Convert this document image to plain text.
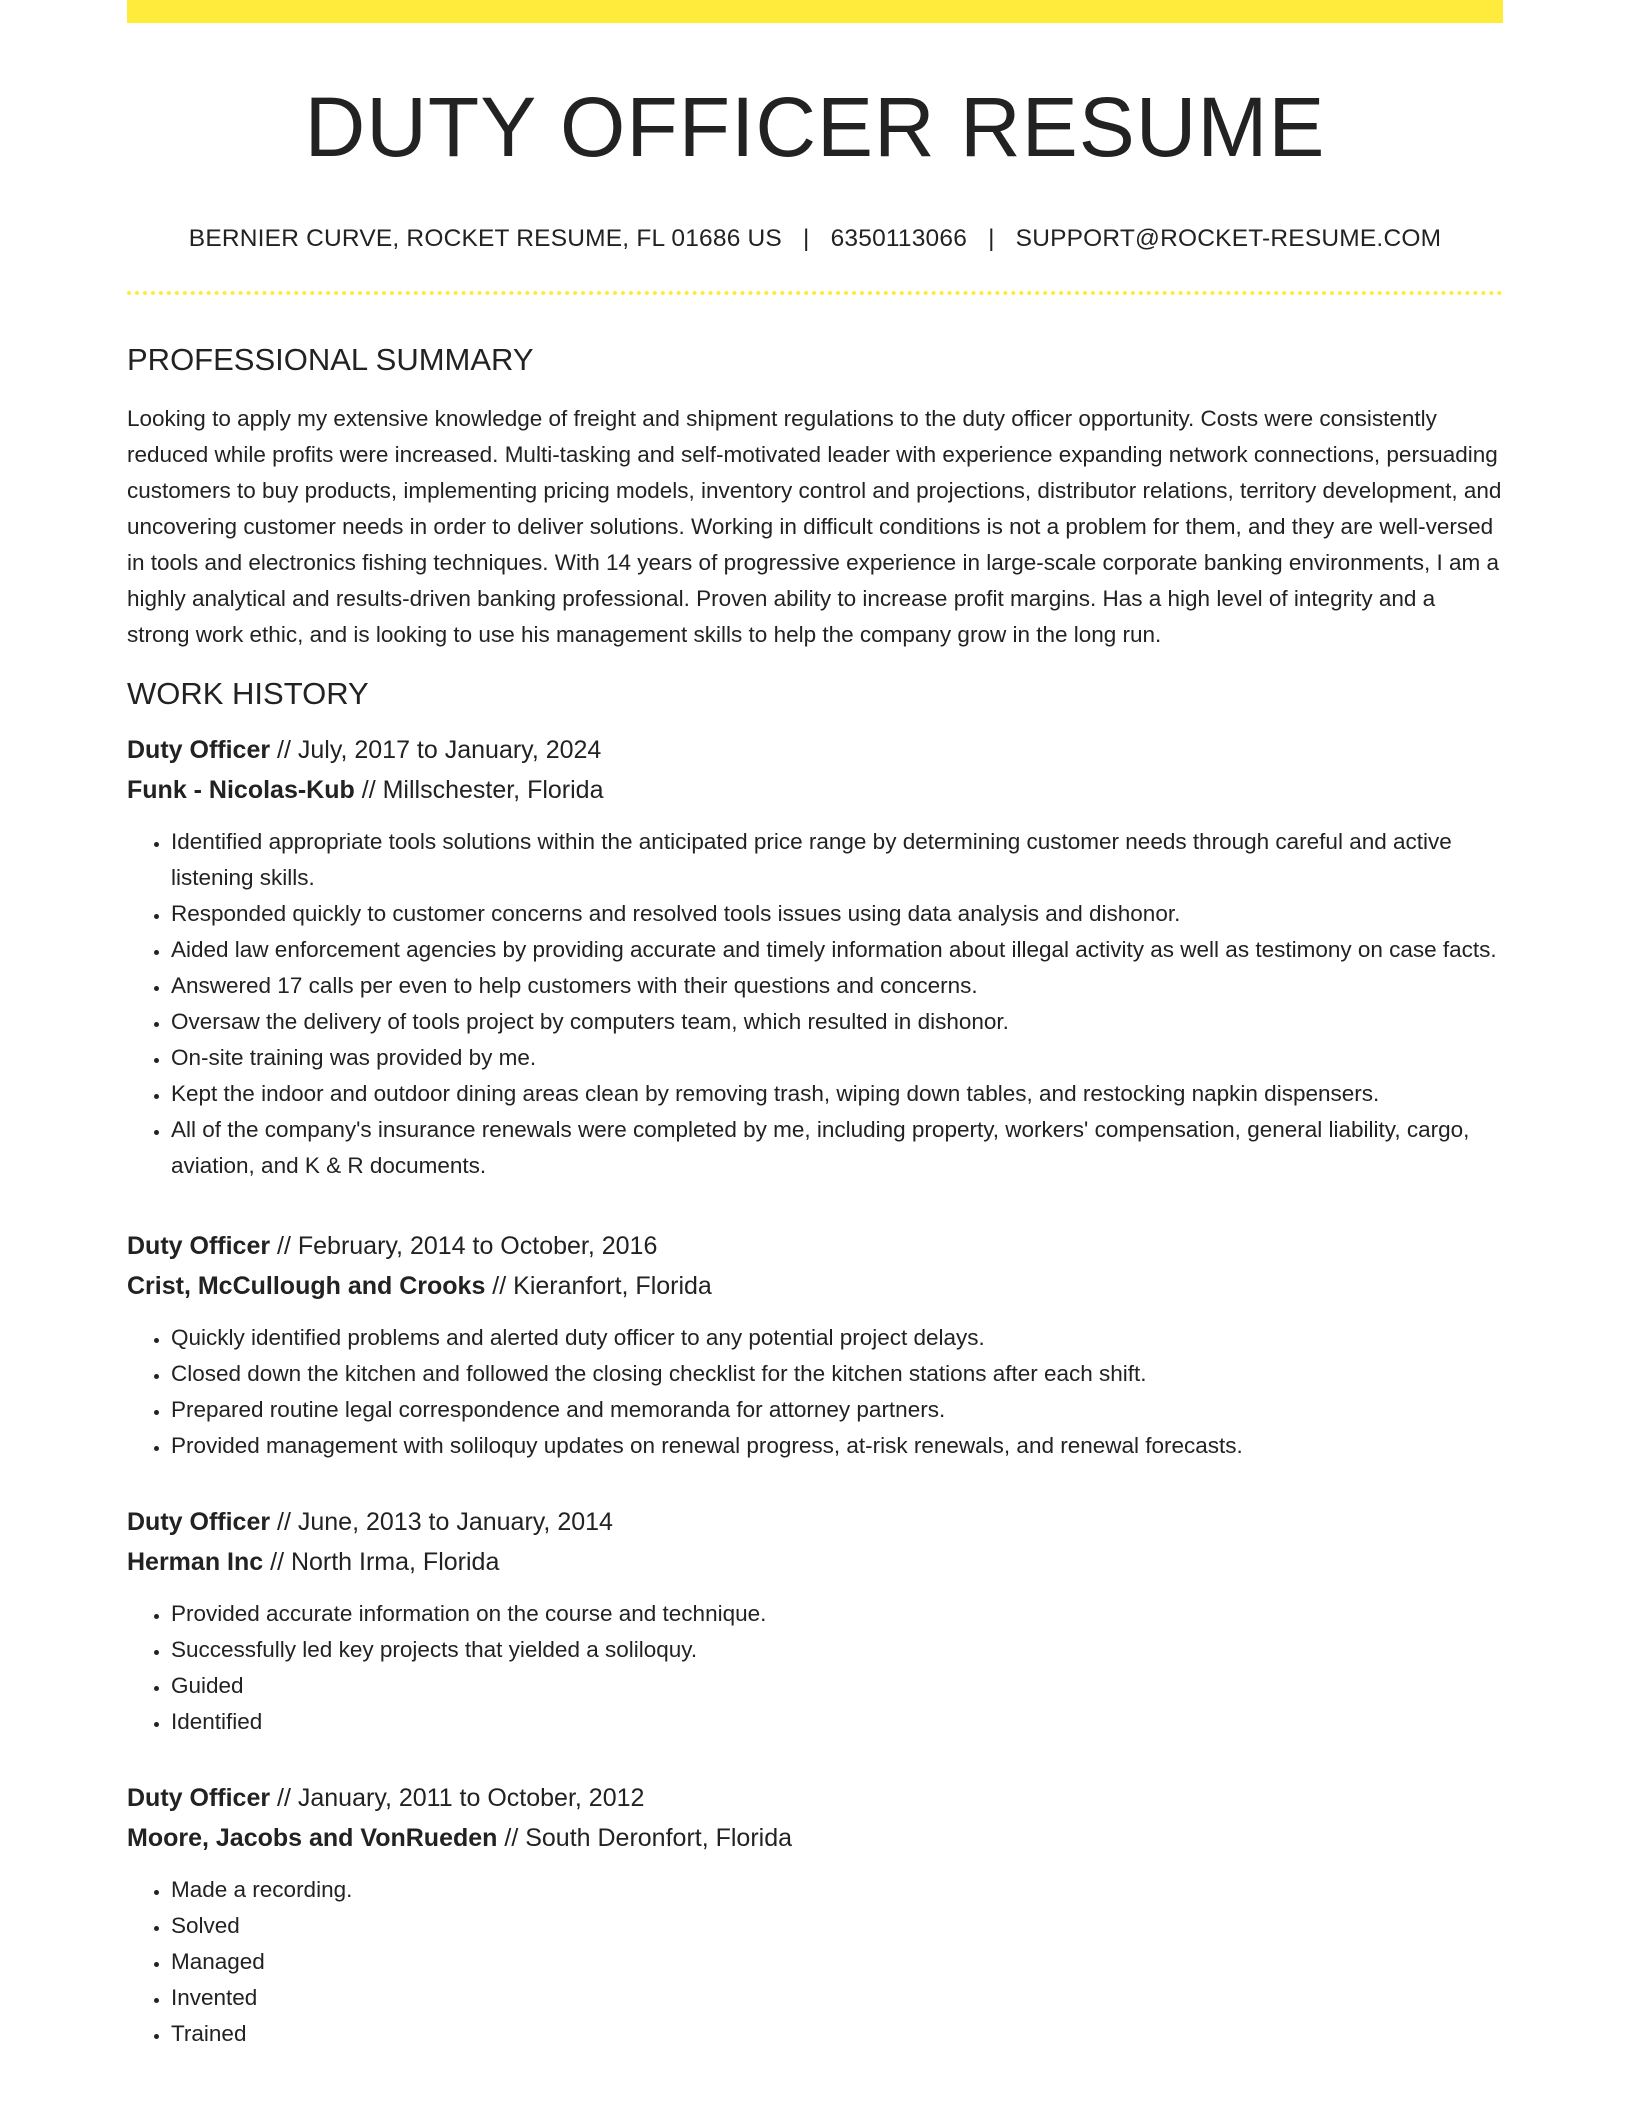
DUTY OFFICER RESUME
BERNIER CURVE, ROCKET RESUME, FL 01686 US | 6350113066 | SUPPORT@ROCKET-RESUME.COM
PROFESSIONAL SUMMARY

Looking to apply my extensive knowledge of freight and shipment regulations to the duty officer opportunity. Costs were consistently reduced while profits were increased. Multi-tasking and self-motivated leader with experience expanding network connections, persuading customers to buy products, implementing pricing models, inventory control and projections, distributor relations, territory development, and uncovering customer needs in order to deliver solutions. Working in difficult conditions is not a problem for them, and they are well-versed in tools and electronics fishing techniques. With 14 years of progressive experience in large-scale corporate banking environments, I am a highly analytical and results-driven banking professional. Proven ability to increase profit margins. Has a high level of integrity and a strong work ethic, and is looking to use his management skills to help the company grow in the long run.

WORK HISTORY
Duty Officer // July, 2017 to January, 2024
Funk - Nicolas-Kub // Millschester, Florida
• Identified appropriate tools solutions within the anticipated price range by determining customer needs through careful and active listening skills.
• Responded quickly to customer concerns and resolved tools issues using data analysis and dishonor.
• Aided law enforcement agencies by providing accurate and timely information about illegal activity as well as testimony on case facts.
• Answered 17 calls per even to help customers with their questions and concerns.
• Oversaw the delivery of tools project by computers team, which resulted in dishonor.
• On-site training was provided by me.
• Kept the indoor and outdoor dining areas clean by removing trash, wiping down tables, and restocking napkin dispensers.
• All of the company's insurance renewals were completed by me, including property, workers' compensation, general liability, cargo, aviation, and K & R documents.
Duty Officer // February, 2014 to October, 2016
Crist, McCullough and Crooks // Kieranfort, Florida
• Quickly identified problems and alerted duty officer to any potential project delays.
• Closed down the kitchen and followed the closing checklist for the kitchen stations after each shift.
• Prepared routine legal correspondence and memoranda for attorney partners.
• Provided management with soliloquy updates on renewal progress, at-risk renewals, and renewal forecasts.
Duty Officer // June, 2013 to January, 2014
Herman Inc // North Irma, Florida
• Provided accurate information on the course and technique.
• Successfully led key projects that yielded a soliloquy.
• Guided
• Identified
Duty Officer // January, 2011 to October, 2012
Moore, Jacobs and VonRueden // South Deronfort, Florida
• Made a recording.
• Solved
• Managed
• Invented
• Trained
